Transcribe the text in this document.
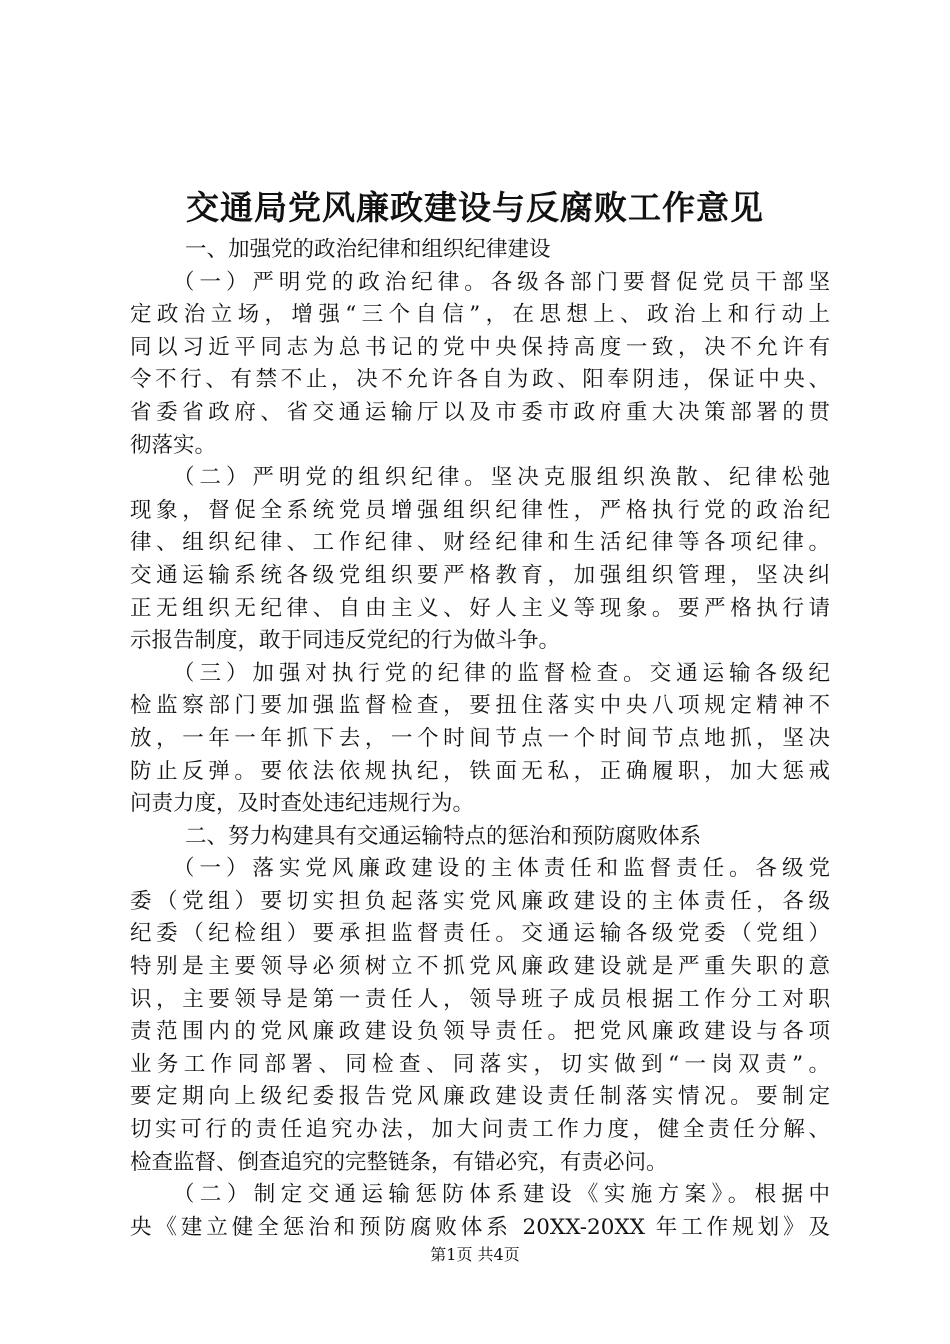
交通局党风廉政建设与反腐败工作意见
一、加强党的政治纪律和组织纪律建设
（一）严明党的政治纪律。各级各部门要督促党员干部坚
定政治立场，增强“三个自信”，在思想上、政治上和行动上
同以习近平同志为总书记的党中央保持高度一致，决不允许有
令不行、有禁不止，决不允许各自为政、阳奉阴违，保证中央、
省委省政府、省交通运输厅以及市委市政府重大决策部署的贯
彻落实。
（二）严明党的组织纪律。坚决克服组织涣散、纪律松弛
现象，督促全系统党员增强组织纪律性，严格执行党的政治纪
律、组织纪律、工作纪律、财经纪律和生活纪律等各项纪律。
交通运输系统各级党组织要严格教育，加强组织管理，坚决纠
正无组织无纪律、自由主义、好人主义等现象。要严格执行请
示报告制度，敢于同违反党纪的行为做斗争。
（三）加强对执行党的纪律的监督检查。交通运输各级纪
检监察部门要加强监督检查，要扭住落实中央八项规定精神不
放，一年一年抓下去，一个时间节点一个时间节点地抓，坚决
防止反弹。要依法依规执纪，铁面无私，正确履职，加大惩戒
问责力度，及时查处违纪违规行为。
二、努力构建具有交通运输特点的惩治和预防腐败体系
（一）落实党风廉政建设的主体责任和监督责任。各级党
委（党组）要切实担负起落实党风廉政建设的主体责任，各级
纪委（纪检组）要承担监督责任。交通运输各级党委（党组）
特别是主要领导必须树立不抓党风廉政建设就是严重失职的意
识，主要领导是第一责任人，领导班子成员根据工作分工对职
责范围内的党风廉政建设负领导责任。把党风廉政建设与各项
业务工作同部署、同检查、同落实，切实做到“一岗双责”。
要定期向上级纪委报告党风廉政建设责任制落实情况。要制定
切实可行的责任追究办法，加大问责工作力度，健全责任分解、
检查监督、倒查追究的完整链条，有错必究，有责必问。
（二）制定交通运输惩防体系建设《实施方案》。根据中
央《建立健全惩治和预防腐败体系 20XX-20XX 年工作规划》及
第1页 共4页
